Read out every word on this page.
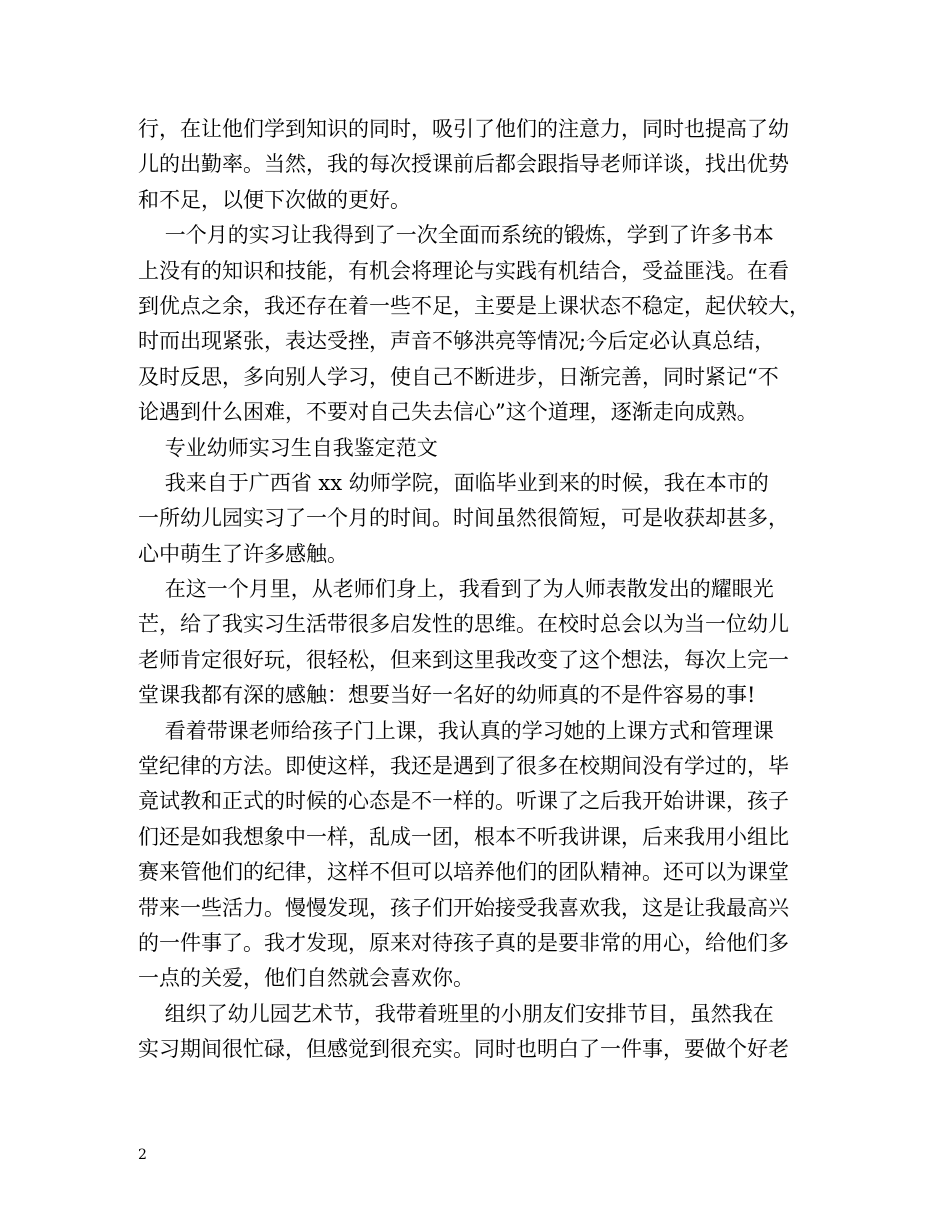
行，在让他们学到知识的同时，吸引了他们的注意力，同时也提高了幼
儿的出勤率。当然，我的每次授课前后都会跟指导老师详谈，找出优势
和不足，以便下次做的更好。
一个月的实习让我得到了一次全面而系统的锻炼，学到了许多书本
上没有的知识和技能，有机会将理论与实践有机结合，受益匪浅。在看
到优点之余，我还存在着一些不足，主要是上课状态不稳定，起伏较大，
时而出现紧张，表达受挫，声音不够洪亮等情况;今后定必认真总结，
及时反思，多向别人学习，使自己不断进步，日渐完善，同时紧记“不
论遇到什么困难，不要对自己失去信心”这个道理，逐渐走向成熟。
专业幼师实习生自我鉴定范文
我来自于广西省 xx 幼师学院，面临毕业到来的时候，我在本市的
一所幼儿园实习了一个月的时间。时间虽然很简短，可是收获却甚多，
心中萌生了许多感触。
在这一个月里，从老师们身上，我看到了为人师表散发出的耀眼光
芒，给了我实习生活带很多启发性的思维。在校时总会以为当一位幼儿
老师肯定很好玩，很轻松，但来到这里我改变了这个想法，每次上完一
堂课我都有深的感触：想要当好一名好的幼师真的不是件容易的事!
看着带课老师给孩子门上课，我认真的学习她的上课方式和管理课
堂纪律的方法。即使这样，我还是遇到了很多在校期间没有学过的，毕
竟试教和正式的时候的心态是不一样的。听课了之后我开始讲课，孩子
们还是如我想象中一样，乱成一团，根本不听我讲课，后来我用小组比
赛来管他们的纪律，这样不但可以培养他们的团队精神。还可以为课堂
带来一些活力。慢慢发现，孩子们开始接受我喜欢我，这是让我最高兴
的一件事了。我才发现，原来对待孩子真的是要非常的用心，给他们多
一点的关爱，他们自然就会喜欢你。
组织了幼儿园艺术节，我带着班里的小朋友们安排节目，虽然我在
实习期间很忙碌，但感觉到很充实。同时也明白了一件事，要做个好老
2
